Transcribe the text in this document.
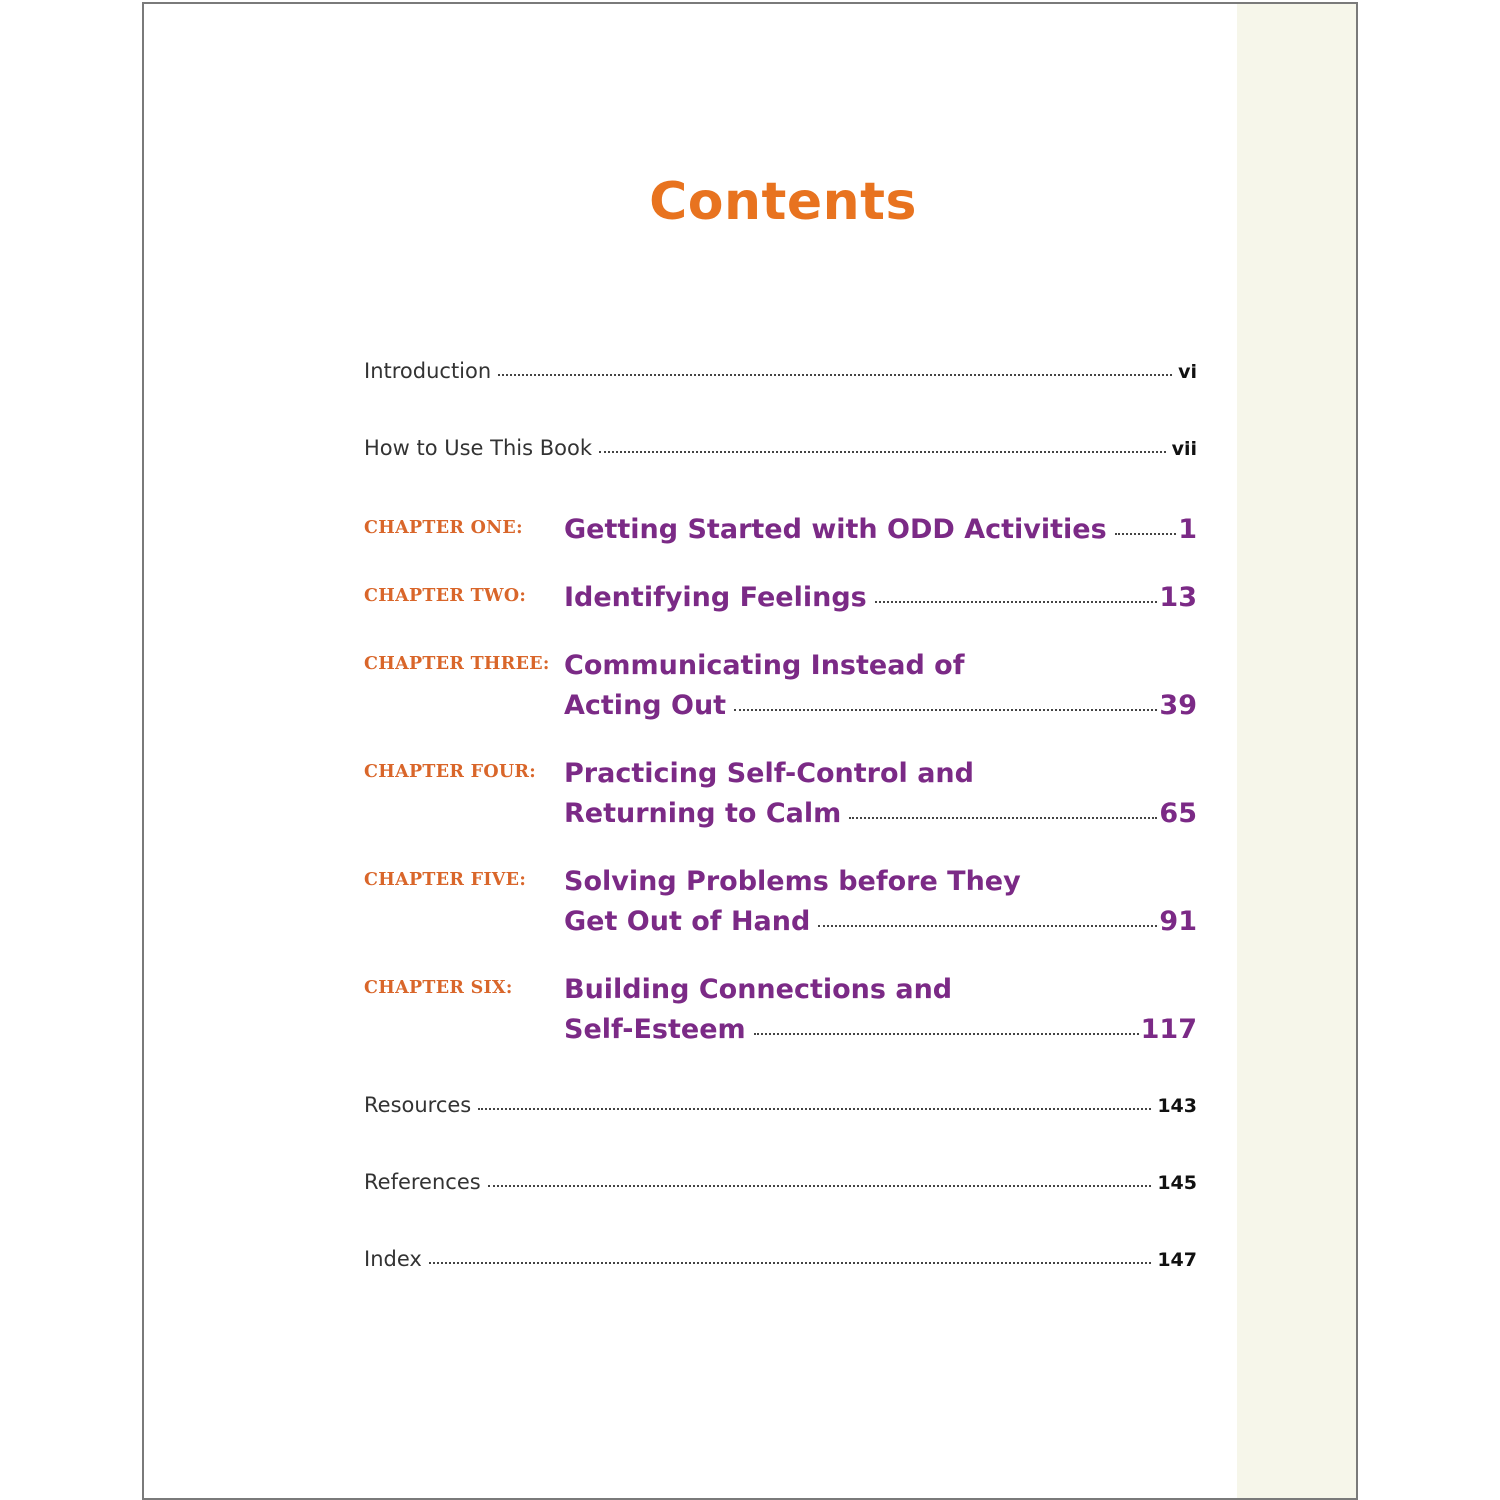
Contents
Introduction	vi
How to Use This Book	vii
CHAPTER ONE: Getting Started with ODD Activities	1
CHAPTER TWO: Identifying Feelings	13
CHAPTER THREE: Communicating Instead of
Acting Out	39
CHAPTER FOUR: Practicing Self-Control and
Returning to Calm	65
CHAPTER FIVE: Solving Problems before They
Get Out of Hand	91
CHAPTER SIX: Building Connections and
Self-Esteem	117
Resources	143
References	145
Index	147
